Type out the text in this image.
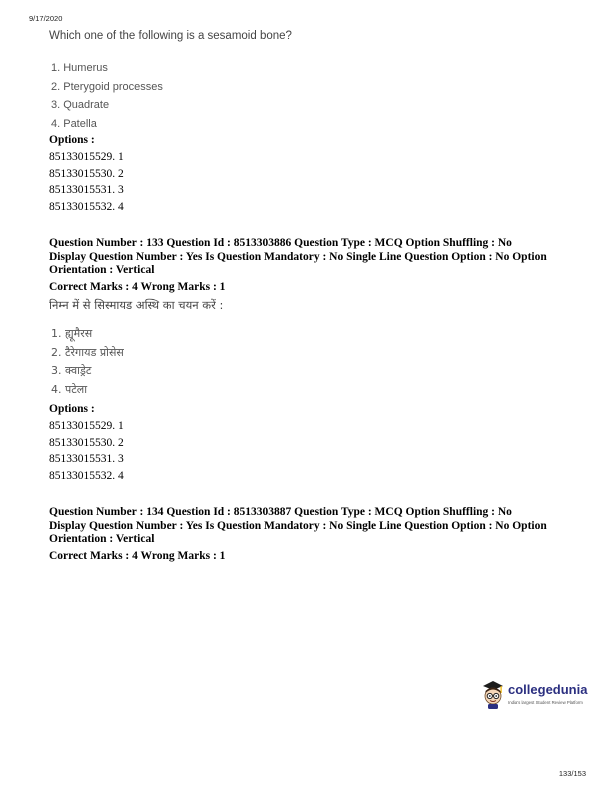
9/17/2020
Which one of the following is a sesamoid bone?
1. Humerus
2. Pterygoid processes
3. Quadrate
4. Patella
Options :
85133015529. 1
85133015530. 2
85133015531. 3
85133015532. 4
Question Number : 133 Question Id : 8513303886 Question Type : MCQ Option Shuffling : No
Display Question Number : Yes Is Question Mandatory : No Single Line Question Option : No Option
Orientation : Vertical
Correct Marks : 4 Wrong Marks : 1
निम्न में से सिस्मायड अस्थि का चयन करें :
1. ह्यूमैरस
2. टैरेगायड प्रोसेस
3. क्वाड्रेट
4. पटेला
Options :
85133015529. 1
85133015530. 2
85133015531. 3
85133015532. 4
Question Number : 134 Question Id : 8513303887 Question Type : MCQ Option Shuffling : No
Display Question Number : Yes Is Question Mandatory : No Single Line Question Option : No Option
Orientation : Vertical
Correct Marks : 4 Wrong Marks : 1
collegedunia
India's largest Student Review Platform
133/153
